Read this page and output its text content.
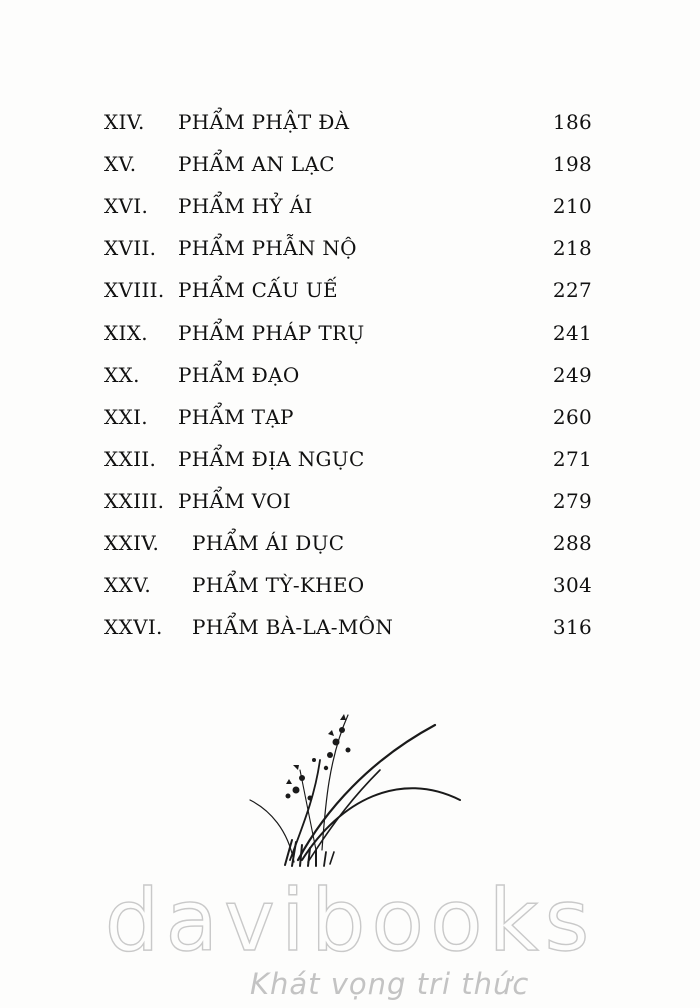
XIV. PHẨM PHẬT ĐÀ	186
XV. PHẨM AN LẠC	198
XVI. PHẨM HỶ ÁI	210
XVII. PHẨM PHẪN NỘ	218
XVIII. PHẨM CẤU UẾ	227
XIX. PHẨM PHÁP TRỤ	241
XX. PHẨM ĐẠO	249
XXI. PHẨM TẠP	260
XXII. PHẨM ĐỊA NGỤC	271
XXIII. PHẨM VOI	279
XXIV. PHẨM ÁI DỤC	288
XXV. PHẨM TỲ-KHEO	304
XXVI. PHẨM BÀ-LA-MÔN	316
davibooks
Khát vọng tri thức
